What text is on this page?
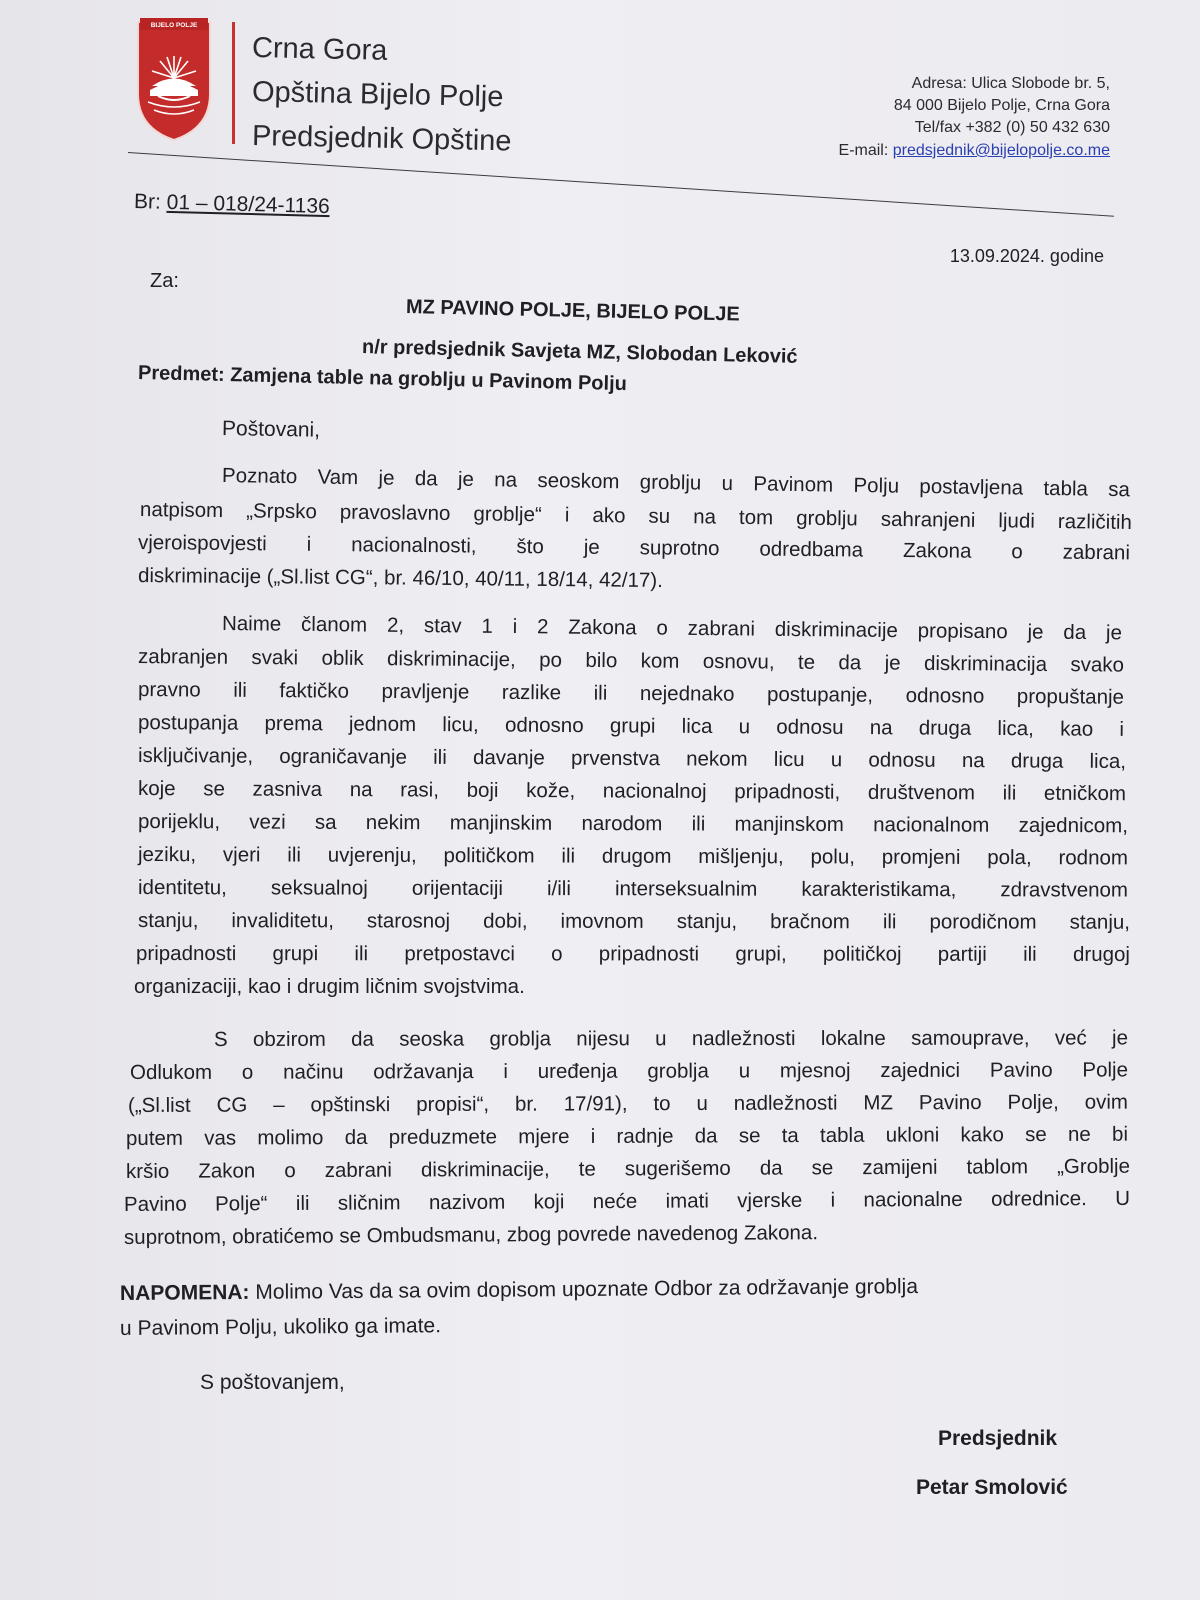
BIJELO POLJE
Crna Gora
Opština Bijelo Polje
Predsjednik Opštine
Adresa: Ulica Slobode br. 5,
84 000 Bijelo Polje, Crna Gora
Tel/fax +382 (0) 50 432 630
E-mail: predsjednik@bijelopolje.co.me
Br: 01 – 018/24-1136
13.09.2024. godine
Za:
MZ PAVINO POLJE, BIJELO POLJE
n/r predsjednik Savjeta MZ, Slobodan Leković
Predmet: Zamjena table na groblju u Pavinom Polju
Poštovani,
Poznato Vam je da je na seoskom groblju u Pavinom Polju postavljena tabla sa
natpisom „Srpsko pravoslavno groblje“ i ako su na tom groblju sahranjeni ljudi različitih
vjeroispovjesti i nacionalnosti, što je suprotno odredbama Zakona o zabrani
diskriminacije („Sl.list CG“, br. 46/10, 40/11, 18/14, 42/17).
Naime članom 2, stav 1 i 2 Zakona o zabrani diskriminacije propisano je da je
zabranjen svaki oblik diskriminacije, po bilo kom osnovu, te da je diskriminacija svako
pravno ili faktičko pravljenje razlike ili nejednako postupanje, odnosno propuštanje
postupanja prema jednom licu, odnosno grupi lica u odnosu na druga lica, kao i
isključivanje, ograničavanje ili davanje prvenstva nekom licu u odnosu na druga lica,
koje se zasniva na rasi, boji kože, nacionalnoj pripadnosti, društvenom ili etničkom
porijeklu, vezi sa nekim manjinskim narodom ili manjinskom nacionalnom zajednicom,
jeziku, vjeri ili uvjerenju, političkom ili drugom mišljenju, polu, promjeni pola, rodnom
identitetu, seksualnoj orijentaciji i/ili interseksualnim karakteristikama, zdravstvenom
stanju, invaliditetu, starosnoj dobi, imovnom stanju, bračnom ili porodičnom stanju,
pripadnosti grupi ili pretpostavci o pripadnosti grupi, političkoj partiji ili drugoj
organizaciji, kao i drugim ličnim svojstvima.
S obzirom da seoska groblja nijesu u nadležnosti lokalne samouprave, već je
Odlukom o načinu održavanja i uređenja groblja u mjesnoj zajednici Pavino Polje
(„Sl.list CG – opštinski propisi“, br. 17/91), to u nadležnosti MZ Pavino Polje, ovim
putem vas molimo da preduzmete mjere i radnje da se ta tabla ukloni kako se ne bi
kršio Zakon o zabrani diskriminacije, te sugerišemo da se zamijeni tablom „Groblje
Pavino Polje“ ili sličnim nazivom koji neće imati vjerske i nacionalne odrednice. U
suprotnom, obratićemo se Ombudsmanu, zbog povrede navedenog Zakona.
NAPOMENA: Molimo Vas da sa ovim dopisom upoznate Odbor za održavanje groblja
u Pavinom Polju, ukoliko ga imate.
S poštovanjem,
Predsjednik
Petar Smolović
